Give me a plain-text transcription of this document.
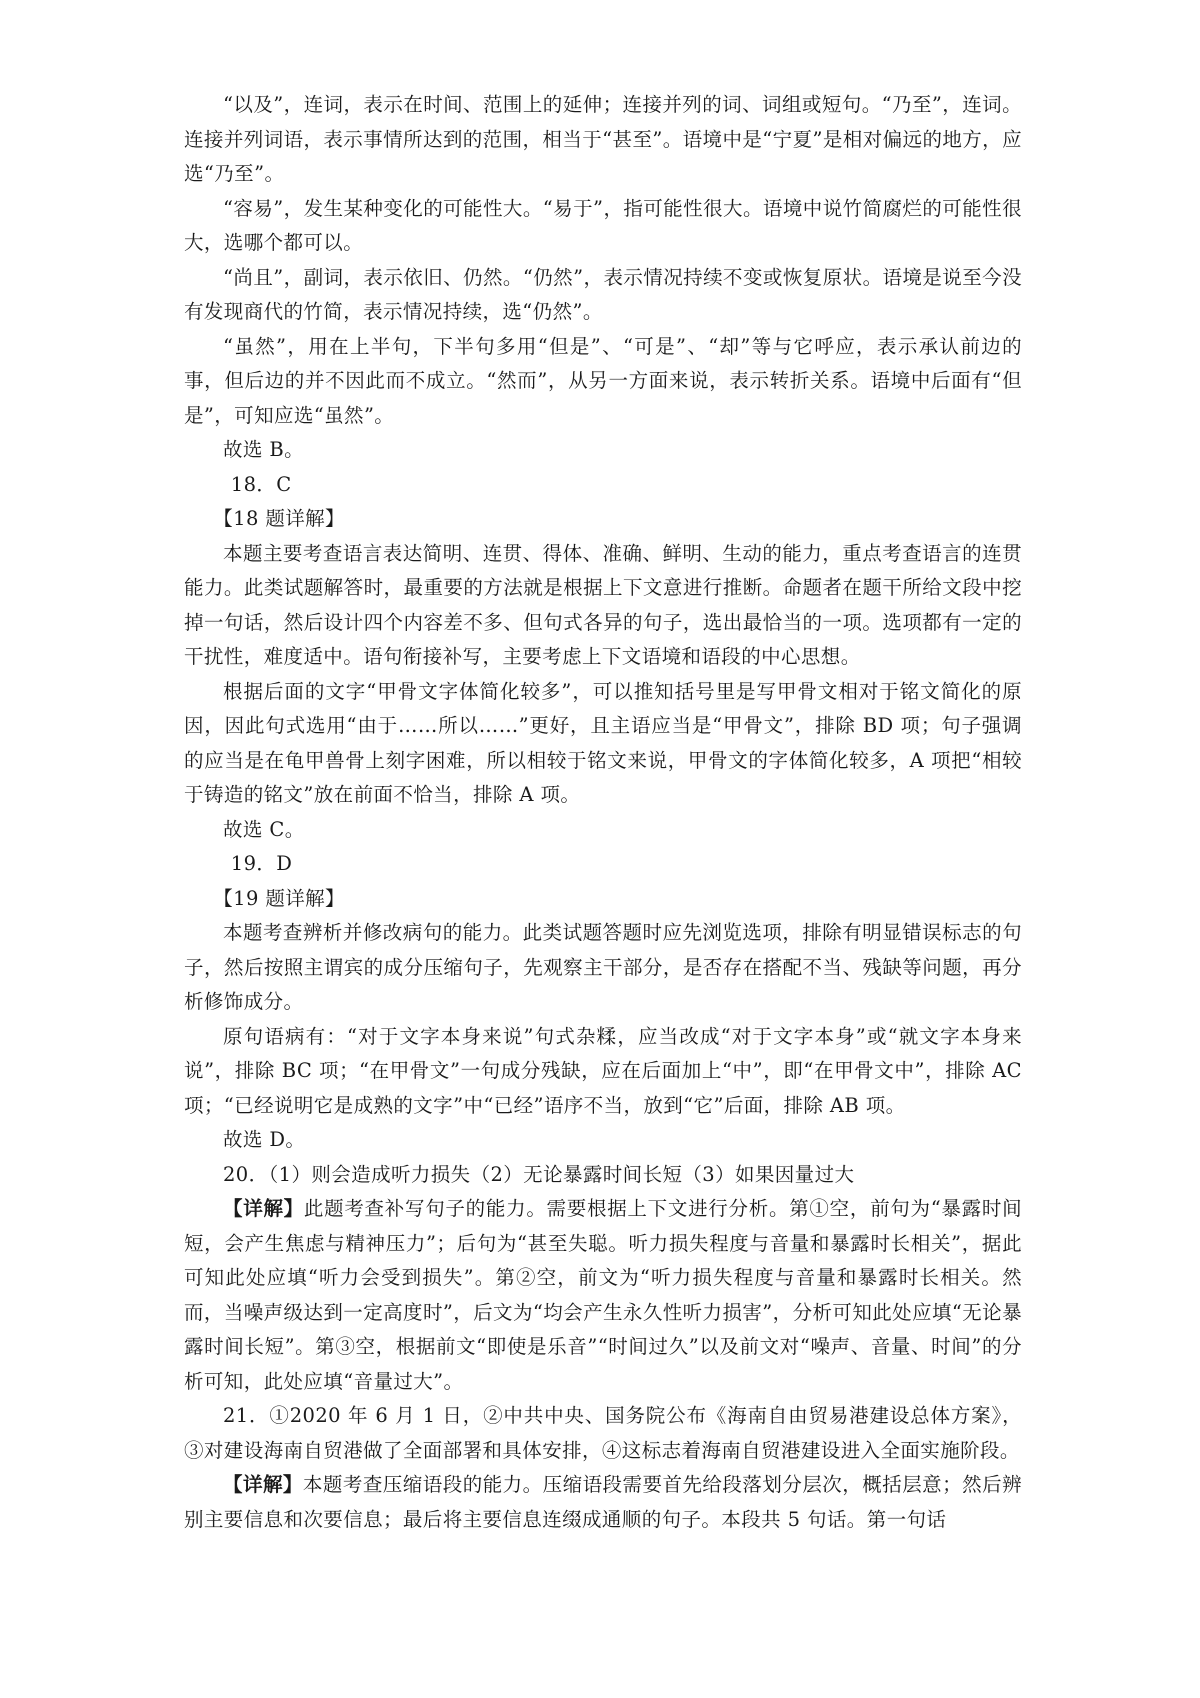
“以及”，连词，表示在时间、范围上的延伸；连接并列的词、词组或短句。“乃至”，连词。连接并列词语，表示事情所达到的范围，相当于“甚至”。语境中是“宁夏”是相对偏远的地方，应选“乃至”。

“容易”，发生某种变化的可能性大。“易于”，指可能性很大。语境中说竹简腐烂的可能性很大，选哪个都可以。

“尚且”，副词，表示依旧、仍然。“仍然”，表示情况持续不变或恢复原状。语境是说至今没有发现商代的竹简，表示情况持续，选“仍然”。

“虽然”，用在上半句，下半句多用“但是”、“可是”、“却”等与它呼应，表示承认前边的事，但后边的并不因此而不成立。“然而”，从另一方面来说，表示转折关系。语境中后面有“但是”，可知应选“虽然”。

故选 B。

18．C

【18 题详解】

本题主要考查语言表达简明、连贯、得体、准确、鲜明、生动的能力，重点考查语言的连贯能力。此类试题解答时，最重要的方法就是根据上下文意进行推断。命题者在题干所给文段中挖掉一句话，然后设计四个内容差不多、但句式各异的句子，选出最恰当的一项。选项都有一定的干扰性，难度适中。语句衔接补写，主要考虑上下文语境和语段的中心思想。

根据后面的文字“甲骨文字体简化较多”，可以推知括号里是写甲骨文相对于铭文简化的原因，因此句式选用“由于……所以……”更好，且主语应当是“甲骨文”，排除 BD 项；句子强调的应当是在龟甲兽骨上刻字困难，所以相较于铭文来说，甲骨文的字体简化较多，A 项把“相较于铸造的铭文”放在前面不恰当，排除 A 项。

故选 C。

19．D

【19 题详解】

本题考查辨析并修改病句的能力。此类试题答题时应先浏览选项，排除有明显错误标志的句子，然后按照主谓宾的成分压缩句子，先观察主干部分，是否存在搭配不当、残缺等问题，再分析修饰成分。

原句语病有：“对于文字本身来说”句式杂糅，应当改成“对于文字本身”或“就文字本身来说”，排除 BC 项；“在甲骨文”一句成分残缺，应在后面加上“中”，即“在甲骨文中”，排除 AC 项；“已经说明它是成熟的文字”中“已经”语序不当，放到“它”后面，排除 AB 项。

故选 D。

20．（1）则会造成听力损失（2）无论暴露时间长短（3）如果因量过大

【详解】此题考查补写句子的能力。需要根据上下文进行分析。第①空，前句为“暴露时间短，会产生焦虑与精神压力”；后句为“甚至失聪。听力损失程度与音量和暴露时长相关”，据此可知此处应填“听力会受到损失”。第②空，前文为“听力损失程度与音量和暴露时长相关。然而，当噪声级达到一定高度时”，后文为“均会产生永久性听力损害”，分析可知此处应填“无论暴露时间长短”。第③空，根据前文“即使是乐音”“时间过久”以及前文对“噪声、音量、时间”的分析可知，此处应填“音量过大”。

21．①2020 年 6 月 1 日，②中共中央、国务院公布《海南自由贸易港建设总体方案》，③对建设海南自贸港做了全面部署和具体安排，④这标志着海南自贸港建设进入全面实施阶段。

【详解】本题考查压缩语段的能力。压缩语段需要首先给段落划分层次，概括层意；然后辨别主要信息和次要信息；最后将主要信息连缀成通顺的句子。本段共 5 句话。第一句话
